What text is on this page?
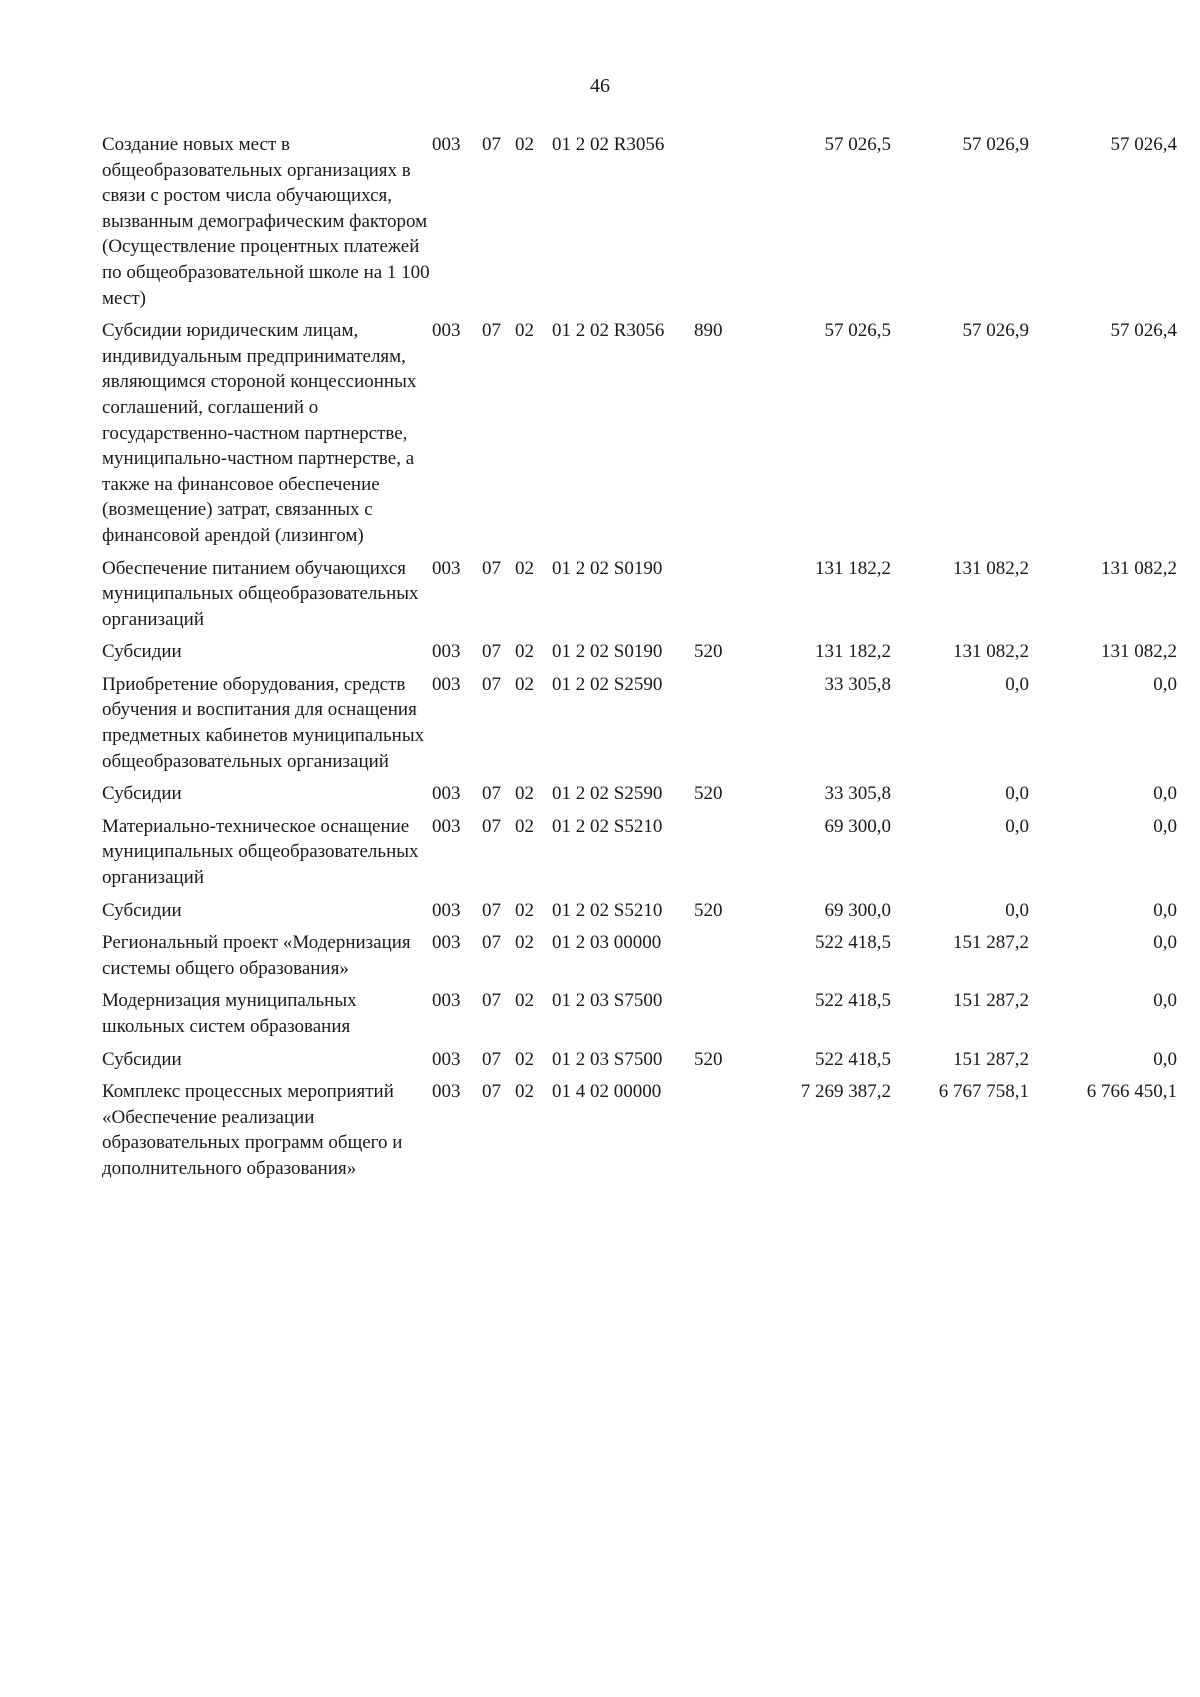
46
Создание новых мест в общеобразовательных организациях в связи с ростом числа обучающихся, вызванным демографическим фактором (Осуществление процентных платежей по общеобразовательной школе на 1 100 мест)	003	07	02	01 2 02 R3056		57 026,5	57 026,9	57 026,4
Субсидии юридическим лицам, индивидуальным предпринимателям, являющимся стороной концессионных соглашений, соглашений о государственно-частном партнерстве, муниципально-частном партнерстве, а также на финансовое обеспечение (возмещение) затрат, связанных с финансовой арендой (лизингом)	003	07	02	01 2 02 R3056	890	57 026,5	57 026,9	57 026,4
Обеспечение питанием обучающихся муниципальных общеобразовательных организаций	003	07	02	01 2 02 S0190		131 182,2	131 082,2	131 082,2
Субсидии	003	07	02	01 2 02 S0190	520	131 182,2	131 082,2	131 082,2
Приобретение оборудования, средств обучения и воспитания для оснащения предметных кабинетов муниципальных общеобразовательных организаций	003	07	02	01 2 02 S2590		33 305,8	0,0	0,0
Субсидии	003	07	02	01 2 02 S2590	520	33 305,8	0,0	0,0
Материально-техническое оснащение муниципальных общеобразовательных организаций	003	07	02	01 2 02 S5210		69 300,0	0,0	0,0
Субсидии	003	07	02	01 2 02 S5210	520	69 300,0	0,0	0,0
Региональный проект «Модернизация системы общего образования»	003	07	02	01 2 03 00000		522 418,5	151 287,2	0,0
Модернизация муниципальных школьных систем образования	003	07	02	01 2 03 S7500		522 418,5	151 287,2	0,0
Субсидии	003	07	02	01 2 03 S7500	520	522 418,5	151 287,2	0,0
Комплекс процессных мероприятий «Обеспечение реализации образовательных программ общего и дополнительного образования»	003	07	02	01 4 02 00000		7 269 387,2	6 767 758,1	6 766 450,1
